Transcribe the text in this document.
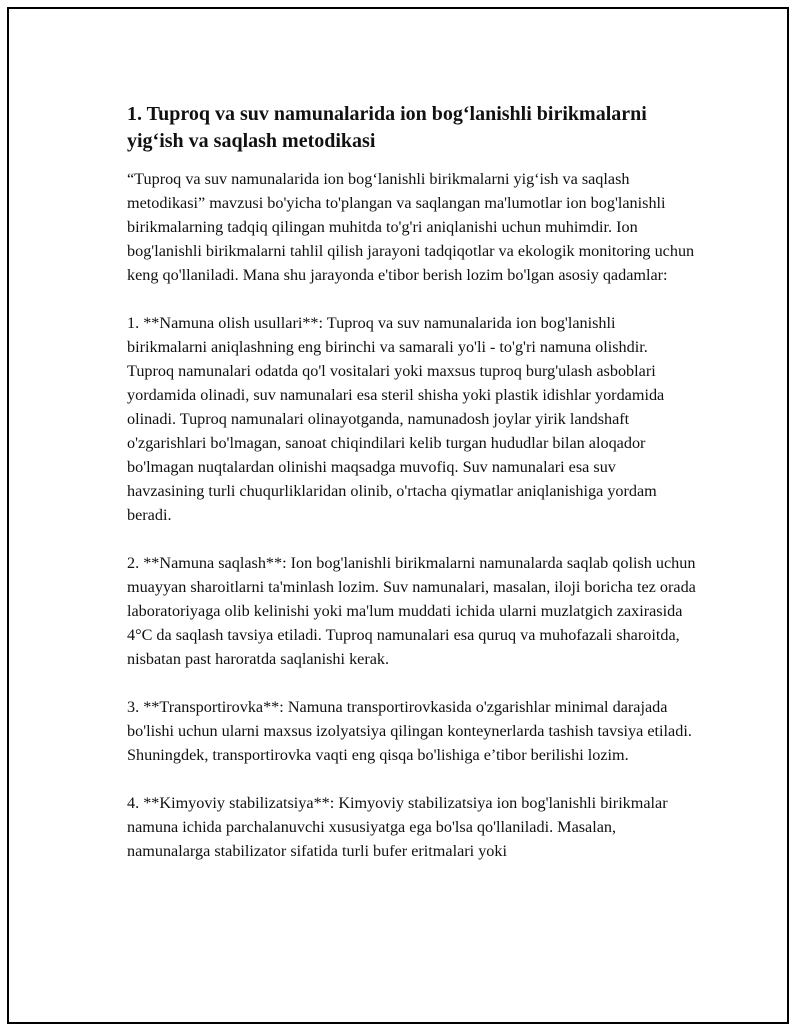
1. Tuproq va suv namunalarida ion bog‘lanishli birikmalarni yig‘ish va saqlash metodikasi

“Tuproq va suv namunalarida ion bog‘lanishli birikmalarni yig‘ish va saqlash metodikasi” mavzusi bo'yicha to'plangan va saqlangan ma'lumotlar ion bog'lanishli birikmalarning tadqiq qilingan muhitda to'g'ri aniqlanishi uchun muhimdir. Ion bog'lanishli birikmalarni tahlil qilish jarayoni tadqiqotlar va ekologik monitoring uchun keng qo'llaniladi. Mana shu jarayonda e'tibor berish lozim bo'lgan asosiy qadamlar:

1. **Namuna olish usullari**: Tuproq va suv namunalarida ion bog'lanishli birikmalarni aniqlashning eng birinchi va samarali yo'li - to'g'ri namuna olishdir. Tuproq namunalari odatda qo'l vositalari yoki maxsus tuproq burg'ulash asboblari yordamida olinadi, suv namunalari esa steril shisha yoki plastik idishlar yordamida olinadi. Tuproq namunalari olinayotganda, namunadosh joylar yirik landshaft o'zgarishlari bo'lmagan, sanoat chiqindilari kelib turgan hududlar bilan aloqador bo'lmagan nuqtalardan olinishi maqsadga muvofiq. Suv namunalari esa suv havzasining turli chuqurliklaridan olinib, o'rtacha qiymatlar aniqlanishiga yordam beradi.

2. **Namuna saqlash**: Ion bog'lanishli birikmalarni namunalarda saqlab qolish uchun muayyan sharoitlarni ta'minlash lozim. Suv namunalari, masalan, iloji boricha tez orada laboratoriyaga olib kelinishi yoki ma'lum muddati ichida ularni muzlatgich zaxirasida 4°C da saqlash tavsiya etiladi. Tuproq namunalari esa quruq va muhofazali sharoitda, nisbatan past haroratda saqlanishi kerak.

3. **Transportirovka**: Namuna transportirovkasida o'zgarishlar minimal darajada bo'lishi uchun ularni maxsus izolyatsiya qilingan konteynerlarda tashish tavsiya etiladi. Shuningdek, transportirovka vaqti eng qisqa bo'lishiga e’tibor berilishi lozim.

4. **Kimyoviy stabilizatsiya**: Kimyoviy stabilizatsiya ion bog'lanishli birikmalar namuna ichida parchalanuvchi xususiyatga ega bo'lsa qo'llaniladi. Masalan, namunalarga stabilizator sifatida turli bufer eritmalari yoki
